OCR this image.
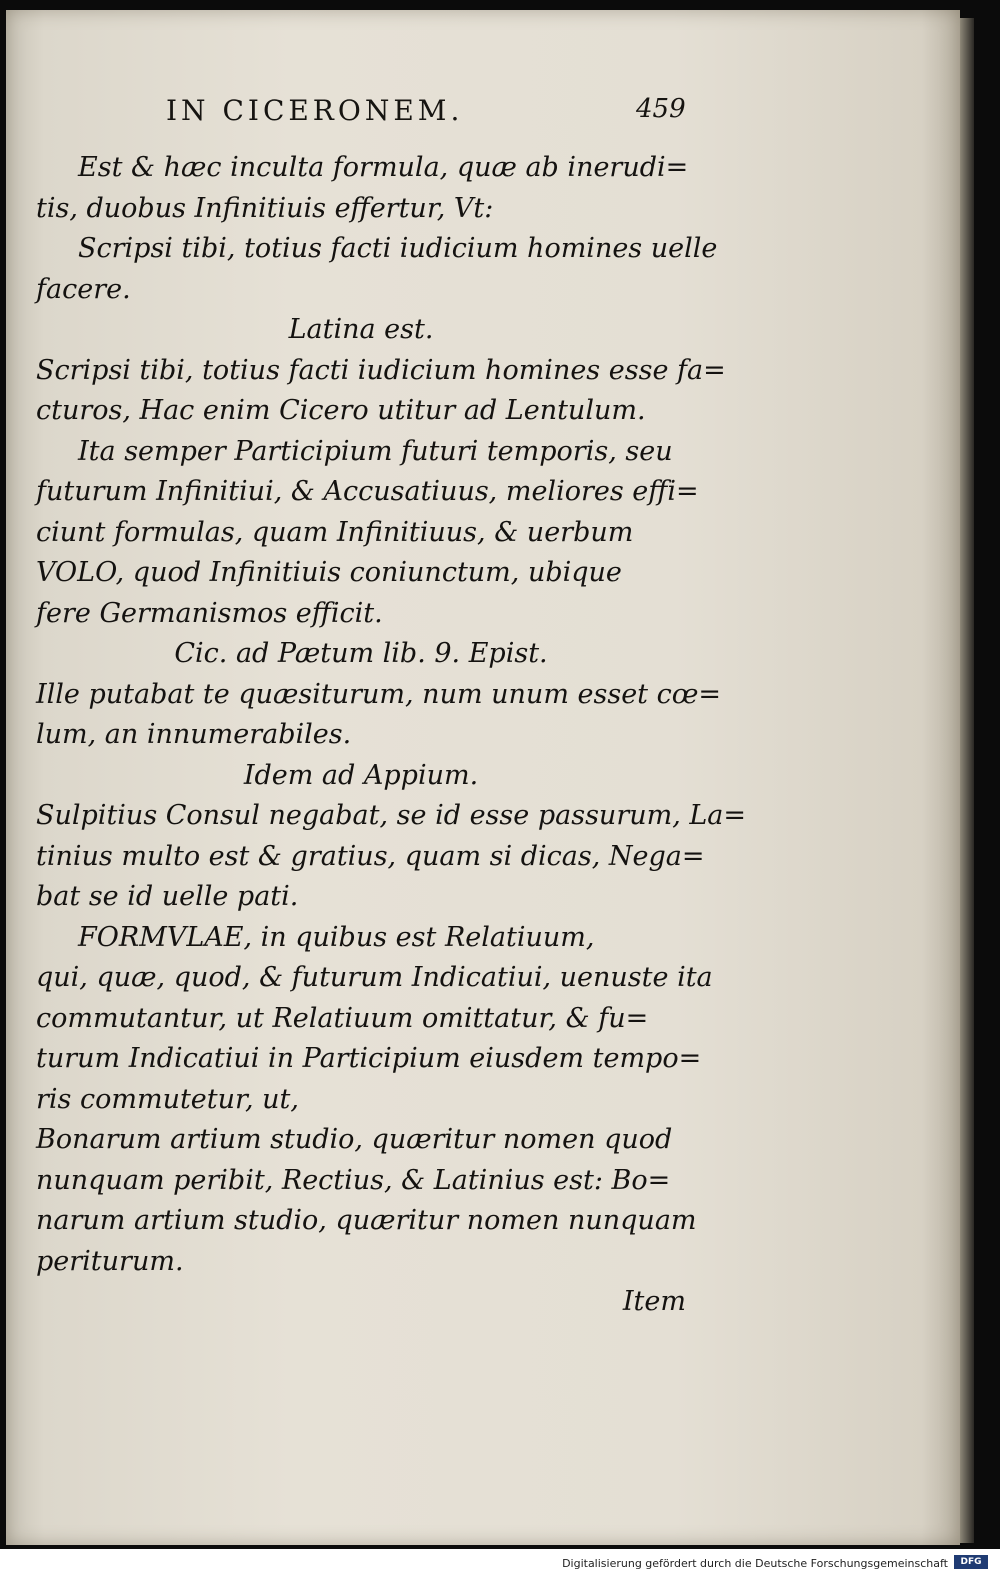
IN CICERONEM.	459
Est & hæc inculta formula, quæ ab inerudi=
tis, duobus Infinitiuis effertur, Vt:
Scripsi tibi, totius facti iudicium homines uelle
facere.
Latina est.
Scripsi tibi, totius facti iudicium homines esse fa=
cturos, Hac enim Cicero utitur ad Lentulum.
Ita semper Participium futuri temporis, seu
futurum Infinitiui, & Accusatiuus, meliores effi=
ciunt formulas, quam Infinitiuus, & uerbum
VOLO, quod Infinitiuis coniunctum, ubique
fere Germanismos efficit.
Cic. ad Pætum lib. 9. Epist.
Ille putabat te quæsiturum, num unum esset cœ=
lum, an innumerabiles.
Idem ad Appium.
Sulpitius Consul negabat, se id esse passurum, La=
tinius multo est & gratius, quam si dicas, Nega=
bat se id uelle pati.
FORMVLAE, in quibus est Relatiuum,
qui, quæ, quod, & futurum Indicatiui, uenuste ita
commutantur, ut Relatiuum omittatur, & fu=
turum Indicatiui in Participium eiusdem tempo=
ris commutetur, ut,
Bonarum artium studio, quæritur nomen quod
nunquam peribit, Rectius, & Latinius est: Bo=
narum artium studio, quæritur nomen nunquam
periturum.
Item
Digitalisierung gefördert durch die Deutsche Forschungsgemeinschaft	DFG
